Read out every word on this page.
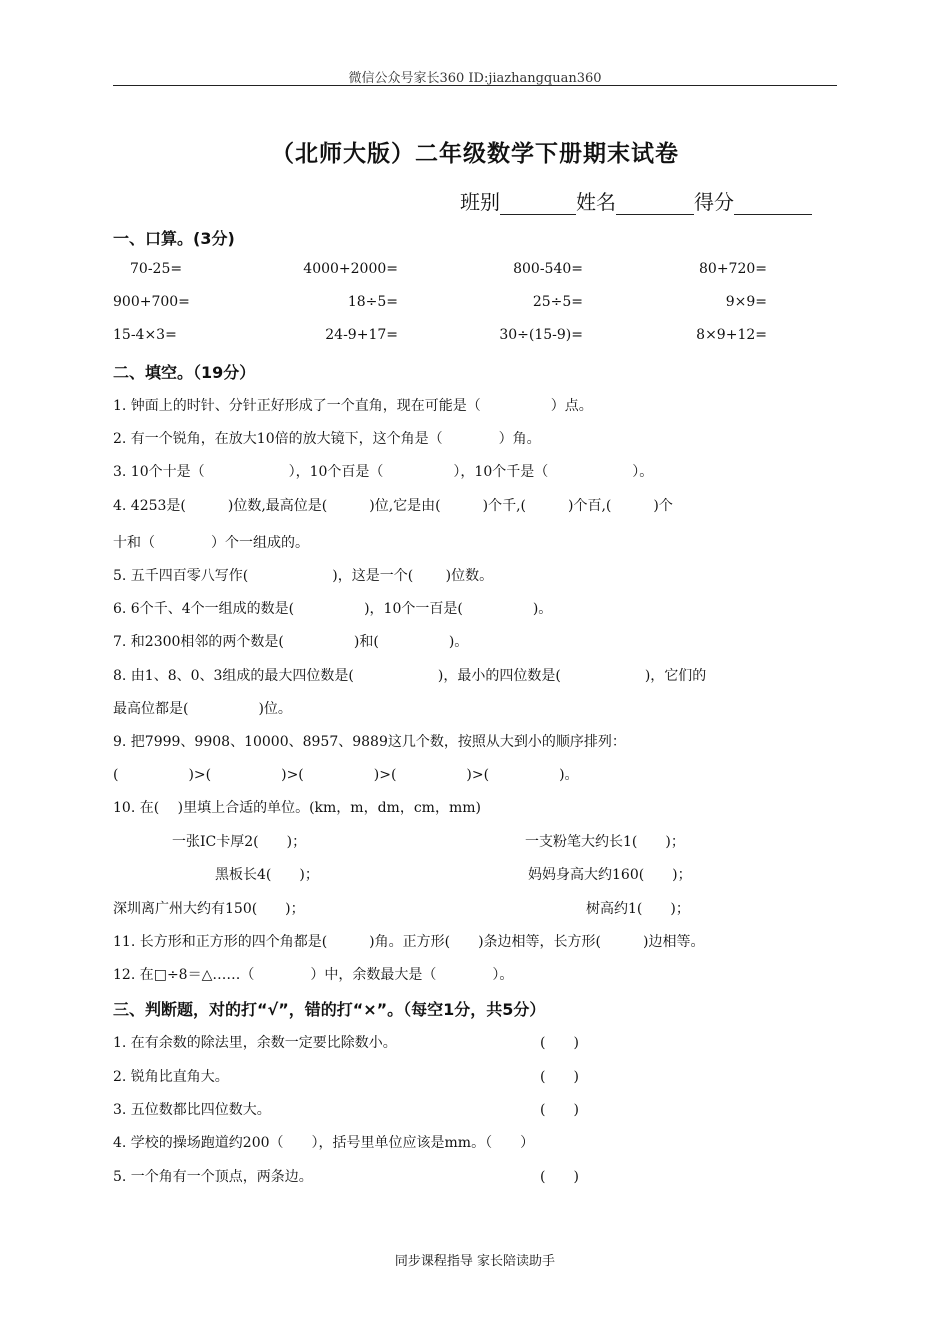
微信公众号家长360 ID:jiazhangquan360
（北师大版）二年级数学下册期末试卷
班别	姓名	得分
一、口算。(3分)
70-25=	4000+2000=	800-540=	80+720=
900+700=	18÷5=	25÷5=	9×9=
15-4×3=	24-9+17=	30÷(15-9)=	8×9+12=
二、填空。（19分）
1. 钟面上的时针、分针正好形成了一个直角，现在可能是（　　　　　）点。
2. 有一个锐角，在放大10倍的放大镜下，这个角是（　　　　）角。
3. 10个十是（　　　　　　），10个百是（　　　　　），10个千是（　　　　　　）。
4. 4253是(　　　)位数,最高位是(　　　)位,它是由(　　　)个千,(　　　)个百,(　　　)个
十和（　　　　）个一组成的。
5. 五千四百零八写作(　　　　　　)，这是一个(　　 )位数。
6. 6个千、4个一组成的数是(　　　　　)，10个一百是(　　　　　)。
7. 和2300相邻的两个数是(　　　　　)和(　　　　　)。
8. 由1、8、0、3组成的最大四位数是(　　　　　　)，最小的四位数是(　　　　　　)，它们的
最高位都是(　　　　　)位。
9. 把7999、9908、10000、8957、9889这几个数，按照从大到小的顺序排列：
(　　　　　)>(　　　　　)>(　　　　　)>(　　　　　)>(　　　　　)。
10. 在(　 )里填上合适的单位。(km，m，dm，cm，mm)
一张IC卡厚2(　　)；	一支粉笔大约长1(　　)；
黑板长4(　　)；	妈妈身高大约160(　　)；
深圳离广州大约有150(　　)；	树高约1(　　)；
11. 长方形和正方形的四个角都是(　　　)角。正方形(　　)条边相等，长方形(　　　)边相等。
12. 在□÷8＝△……（　　　　）中，余数最大是（　　　　）。
三、判断题，对的打“√”，错的打“×”。（每空1分，共5分）
1. 在有余数的除法里，余数一定要比除数小。	(　　)
2. 锐角比直角大。	(　　)
3. 五位数都比四位数大。	(　　)
4. 学校的操场跑道约200（　　），括号里单位应该是mm。（　　）
5. 一个角有一个顶点，两条边。	(　　)
同步课程指导 家长陪读助手
